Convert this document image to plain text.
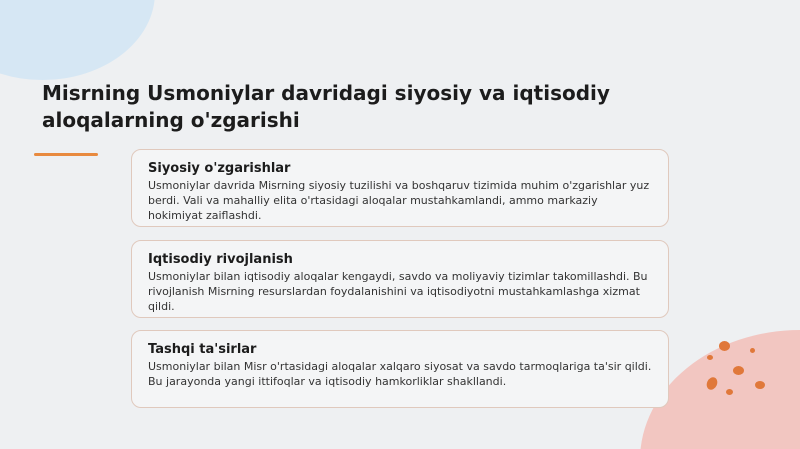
Misrning Usmoniylar davridagi siyosiy va iqtisodiy aloqalarning o'zgarishi
Siyosiy o'zgarishlar

Usmoniylar davrida Misrning siyosiy tuzilishi va boshqaruv tizimida muhim o'zgarishlar yuz berdi. Vali va mahalliy elita o'rtasidagi aloqalar mustahkamlandi, ammo markaziy hokimiyat zaiflashdi.

Iqtisodiy rivojlanish

Usmoniylar bilan iqtisodiy aloqalar kengaydi, savdo va moliyaviy tizimlar takomillashdi. Bu rivojlanish Misrning resurslardan foydalanishini va iqtisodiyotni mustahkamlashga xizmat qildi.

Tashqi ta'sirlar

Usmoniylar bilan Misr o'rtasidagi aloqalar xalqaro siyosat va savdo tarmoqlariga ta'sir qildi. Bu jarayonda yangi ittifoqlar va iqtisodiy hamkorliklar shakllandi.
